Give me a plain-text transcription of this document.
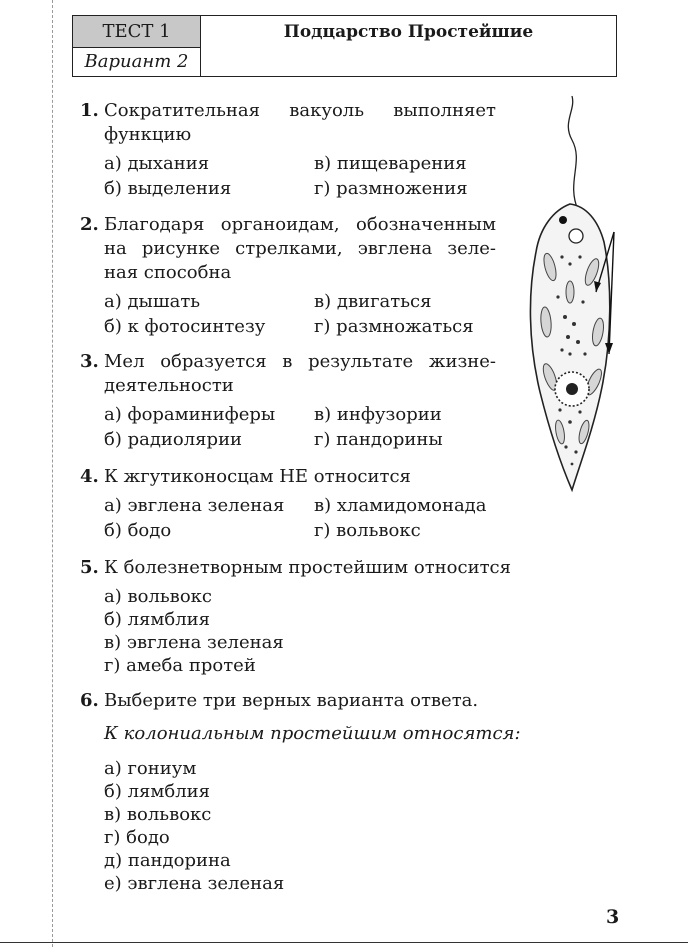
ТЕСТ 1
Вариант 2
Подцарство Простейшие
1. Сократительная вакуоль выполняет
функцию
а) дыхания	в) пищеварения
б) выделения	г) размножения
2. Благодаря органоидам, обозначенным
на рисунке стрелками, эвглена зеле-
ная способна
а) дышать	в) двигаться
б) к фотосинтезу	г) размножаться
3. Мел образуется в результате жизне-
деятельности
а) фораминиферы в) инфузории
б) радиолярии	г) пандорины
4. К жгутиконосцам НЕ относится
а) эвглена зеленая в) хламидомонада
б) бодо	г) вольвокс
5. К болезнетворным простейшим относится
а) вольвокс
б) лямблия
в) эвглена зеленая
г) амеба протей
6. Выберите три верных варианта ответа.
К колониальным простейшим относятся:
а) гониум
б) лямблия
в) вольвокс
г) бодо
д) пандорина
е) эвглена зеленая
3
